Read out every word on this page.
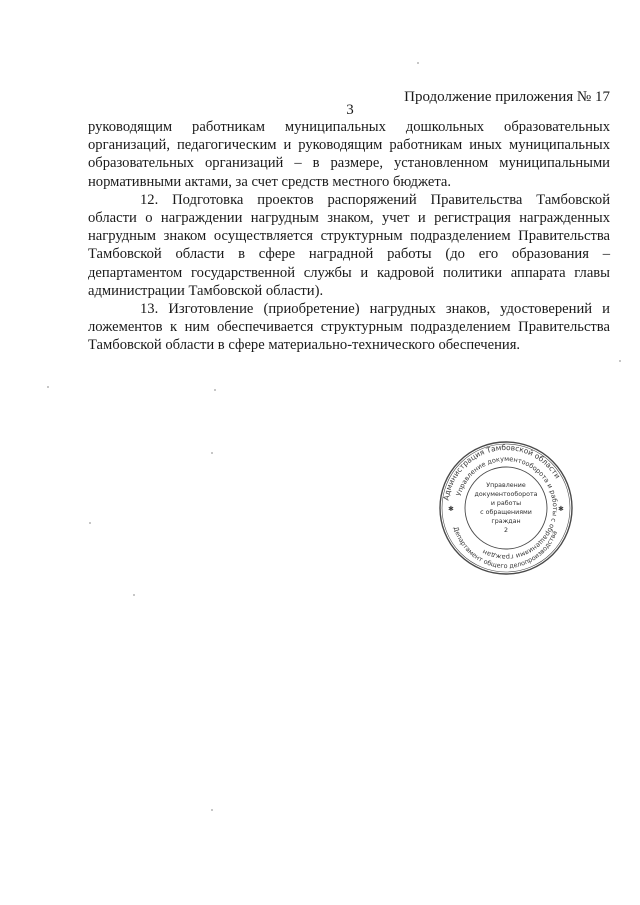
Продолжение приложения № 17
3

руководящим работникам муниципальных дошкольных образовательных организаций, педагогическим и руководящим работникам иных муниципальных образовательных организаций – в размере, установленном муниципальными нормативными актами, за счет средств местного бюджета.

12. Подготовка проектов распоряжений Правительства Тамбовской области о награждении нагрудным знаком, учет и регистрация награжденных нагрудным знаком осуществляется структурным подразделением Правительства Тамбовской области в сфере наградной работы (до его образования – департаментом государственной службы и кадровой политики аппарата главы администрации Тамбовской области).

13. Изготовление (приобретение) нагрудных знаков, удостоверений и ложементов к ним обеспечивается структурным подразделением Правительства Тамбовской области в сфере материально-технического обеспечения.

Администрация Тамбовской области
Управление документооборота и работы с обращениями граждан
Департамент общего делопроизводства
✱	✱
Управление
документооборота
и работы
с обращениями
граждан
2
